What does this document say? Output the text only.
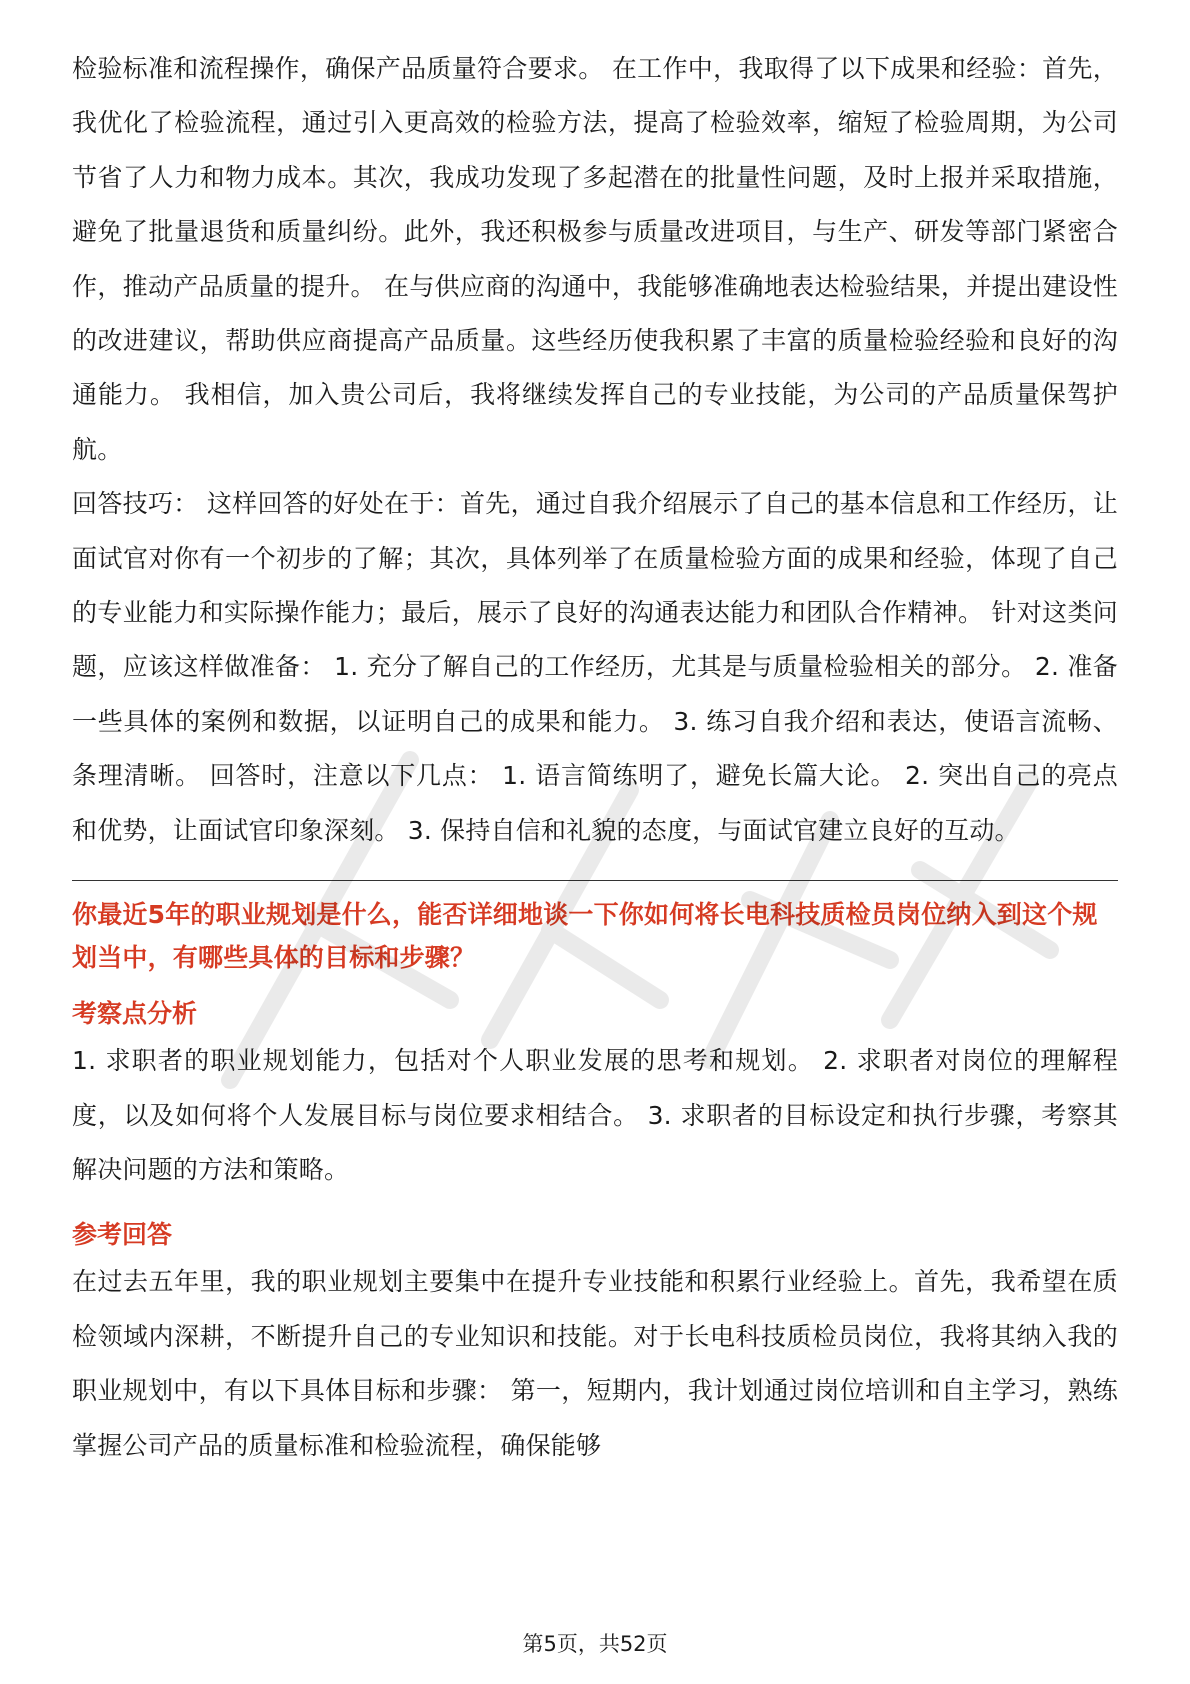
检验标准和流程操作，确保产品质量符合要求。 在工作中，我取得了以下成果和经验：首先，我优化了检验流程，通过引入更高效的检验方法，提高了检验效率，缩短了检验周期，为公司节省了人力和物力成本。其次，我成功发现了多起潜在的批量性问题，及时上报并采取措施，避免了批量退货和质量纠纷。此外，我还积极参与质量改进项目，与生产、研发等部门紧密合作，推动产品质量的提升。 在与供应商的沟通中，我能够准确地表达检验结果，并提出建设性的改进建议，帮助供应商提高产品质量。这些经历使我积累了丰富的质量检验经验和良好的沟通能力。 我相信，加入贵公司后，我将继续发挥自己的专业技能，为公司的产品质量保驾护航。

回答技巧： 这样回答的好处在于：首先，通过自我介绍展示了自己的基本信息和工作经历，让面试官对你有一个初步的了解；其次，具体列举了在质量检验方面的成果和经验，体现了自己的专业能力和实际操作能力；最后，展示了良好的沟通表达能力和团队合作精神。 针对这类问题，应该这样做准备： 1. 充分了解自己的工作经历，尤其是与质量检验相关的部分。 2. 准备一些具体的案例和数据，以证明自己的成果和能力。 3. 练习自我介绍和表达，使语言流畅、条理清晰。 回答时，注意以下几点： 1. 语言简练明了，避免长篇大论。 2. 突出自己的亮点和优势，让面试官印象深刻。 3. 保持自信和礼貌的态度，与面试官建立良好的互动。

你最近5年的职业规划是什么，能否详细地谈一下你如何将长电科技质检员岗位纳入到这个规划当中，有哪些具体的目标和步骤？

考察点分析

1. 求职者的职业规划能力，包括对个人职业发展的思考和规划。 2. 求职者对岗位的理解程度，以及如何将个人发展目标与岗位要求相结合。 3. 求职者的目标设定和执行步骤，考察其解决问题的方法和策略。

参考回答

在过去五年里，我的职业规划主要集中在提升专业技能和积累行业经验上。首先，我希望在质检领域内深耕，不断提升自己的专业知识和技能。对于长电科技质检员岗位，我将其纳入我的职业规划中，有以下具体目标和步骤： 第一，短期内，我计划通过岗位培训和自主学习，熟练掌握公司产品的质量标准和检验流程，确保能够

第5页，共52页
